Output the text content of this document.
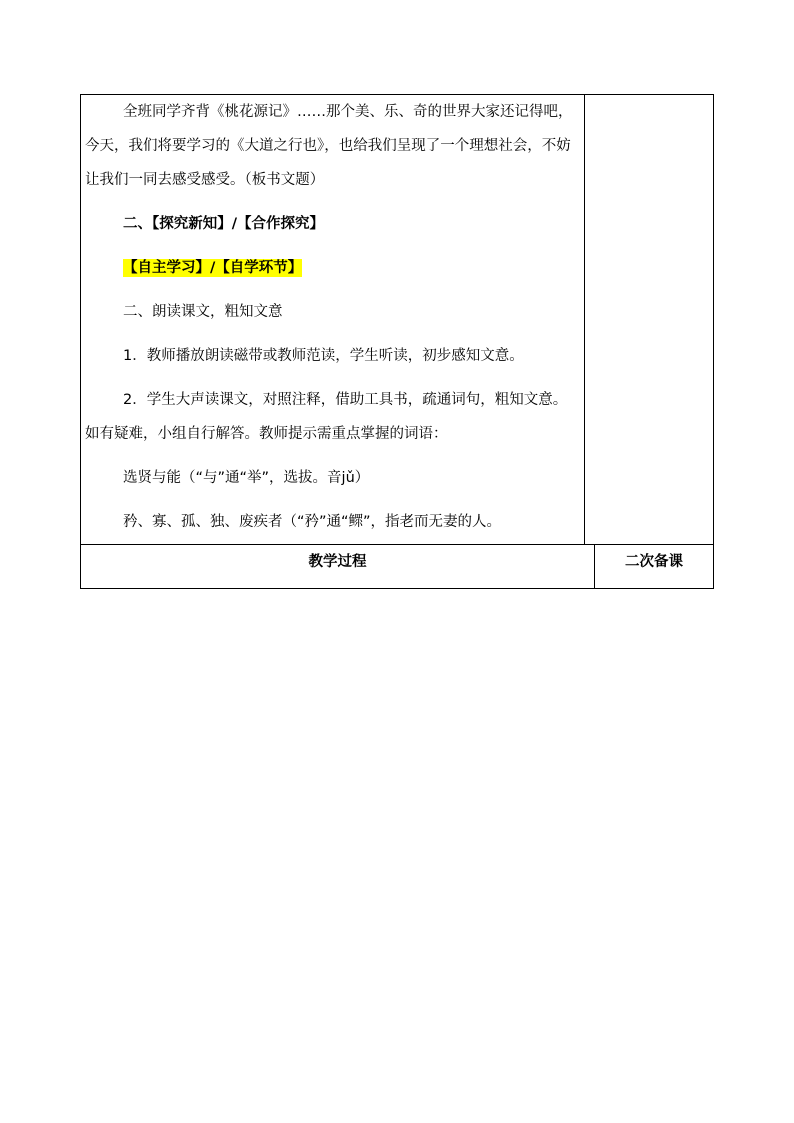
全班同学齐背《桃花源记》……那个美、乐、奇的世界大家还记得吧，今天，我们将要学习的《大道之行也》，也给我们呈现了一个理想社会，不妨让我们一同去感受感受。（板书文题）

二、【探究新知】/【合作探究】

【自主学习】/【自学环节】

二、朗读课文，粗知文意

1．教师播放朗读磁带或教师范读，学生听读，初步感知文意。

2．学生大声读课文，对照注释，借助工具书，疏通词句，粗知文意。如有疑难，小组自行解答。教师提示需重点掌握的词语：

选贤与能（“与”通“举”，选拔。音jǔ）

矜、寡、孤、独、废疾者（“矜”通“鳏”，指老而无妻的人。

教学过程	二次备课
